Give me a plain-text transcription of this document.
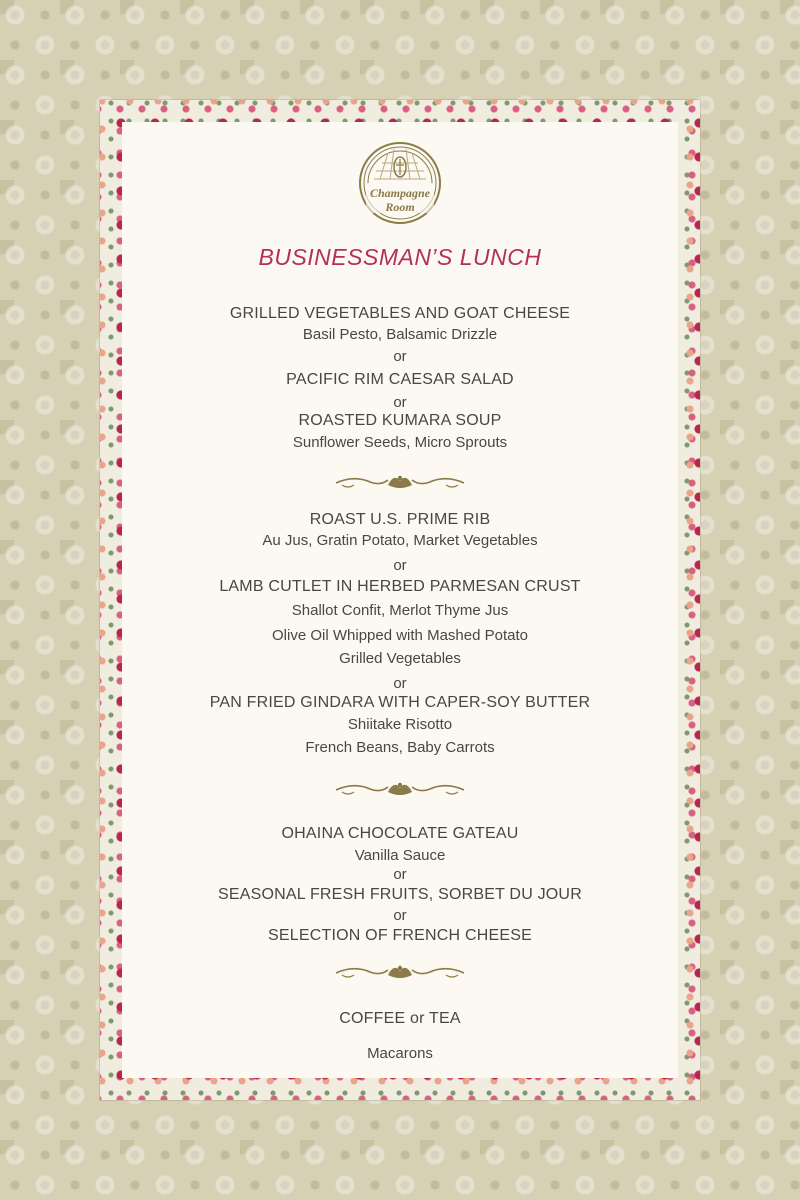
Champagne
Room
BUSINESSMAN’S LUNCH
GRILLED VEGETABLES AND GOAT CHEESE
Basil Pesto, Balsamic Drizzle
or
PACIFIC RIM CAESAR SALAD
or
ROASTED KUMARA SOUP
Sunflower Seeds, Micro Sprouts
ROAST U.S. PRIME RIB
Au Jus, Gratin Potato, Market Vegetables
or
LAMB CUTLET IN HERBED PARMESAN CRUST
Shallot Confit, Merlot Thyme Jus
Olive Oil Whipped with Mashed Potato
Grilled Vegetables
or
PAN FRIED GINDARA WITH CAPER-SOY BUTTER
Shiitake Risotto
French Beans, Baby Carrots
OHAINA CHOCOLATE GATEAU
Vanilla Sauce
or
SEASONAL FRESH FRUITS, SORBET DU JOUR
or
SELECTION OF FRENCH CHEESE
COFFEE or TEA
Macarons
